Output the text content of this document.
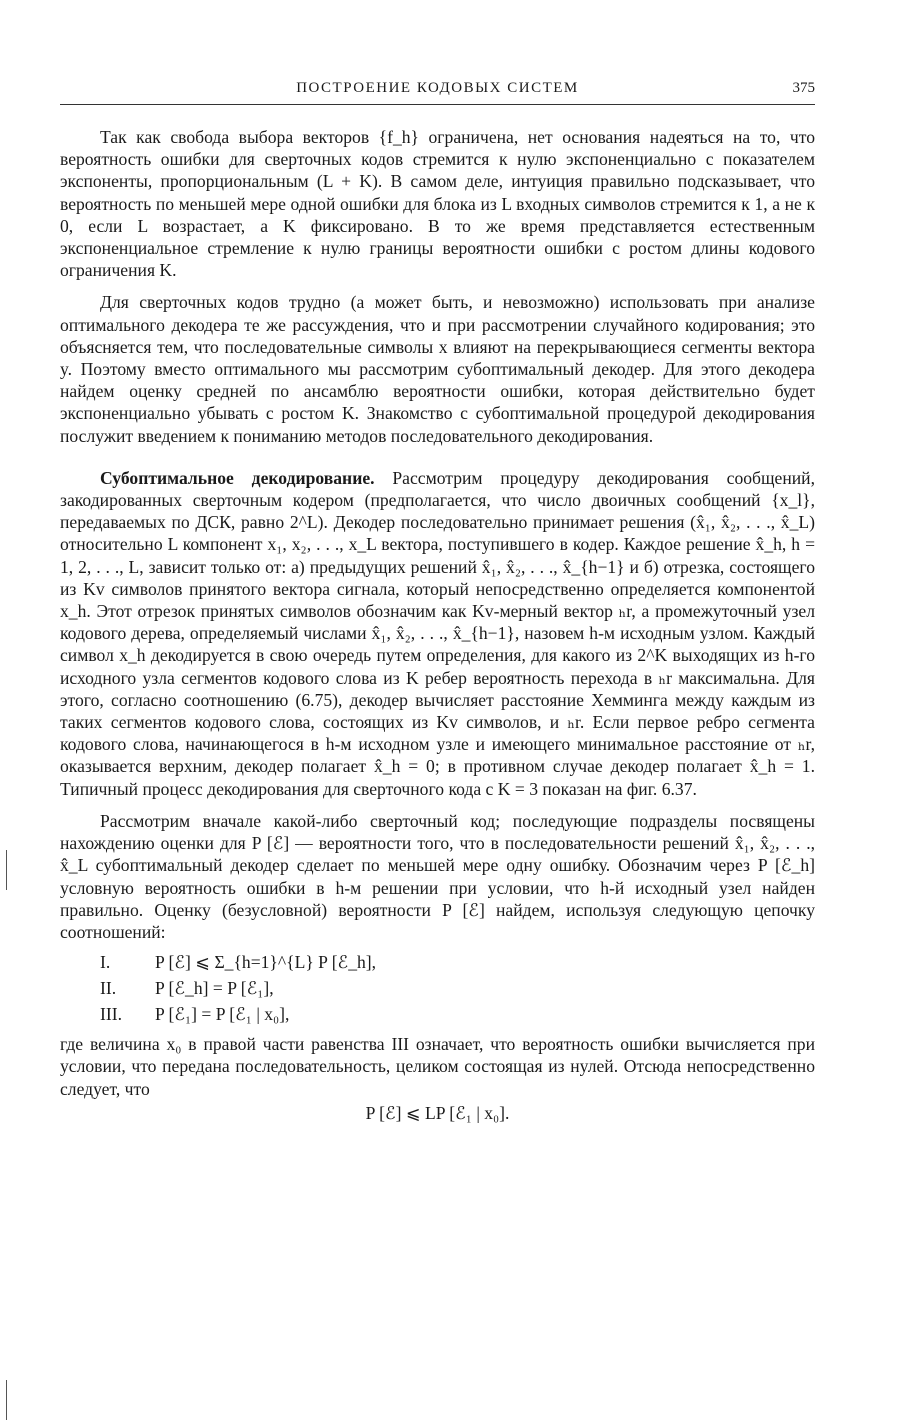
ПОСТРОЕНИЕ КОДОВЫХ СИСТЕМ	375

Так как свобода выбора векторов {f_h} ограничена, нет основания надеяться на то, что вероятность ошибки для сверточных кодов стремится к нулю экспоненциально с показателем экспоненты, пропорциональным (L + K). В самом деле, интуиция правильно подсказывает, что вероятность по меньшей мере одной ошибки для блока из L входных символов стремится к 1, а не к 0, если L возрастает, а K фиксировано. В то же время представляется естественным экспоненциальное стремление к нулю границы вероятности ошибки с ростом длины кодового ограничения K.

Для сверточных кодов трудно (а может быть, и невозможно) использовать при анализе оптимального декодера те же рассуждения, что и при рассмотрении случайного кодирования; это объясняется тем, что последовательные символы x влияют на перекрывающиеся сегменты вектора y. Поэтому вместо оптимального мы рассмотрим субоптимальный декодер. Для этого декодера найдем оценку средней по ансамблю вероятности ошибки, которая действительно будет экспоненциально убывать с ростом K. Знакомство с субоптимальной процедурой декодирования послужит введением к пониманию методов последовательного декодирования.

Субоптимальное декодирование. Рассмотрим процедуру декодирования сообщений, закодированных сверточным кодером (предполагается, что число двоичных сообщений {x_l}, передаваемых по ДСК, равно 2^L). Декодер последовательно принимает решения (x̂₁, x̂₂, . . ., x̂_L) относительно L компонент x₁, x₂, . . ., x_L вектора, поступившего в кодер. Каждое решение x̂_h, h = 1, 2, . . ., L, зависит только от: а) предыдущих решений x̂₁, x̂₂, . . ., x̂_{h−1} и б) отрезка, состоящего из Kv символов принятого вектора сигнала, который непосредственно определяется компонентой x_h. Этот отрезок принятых символов обозначим как Kv-мерный вектор ₕr, а промежуточный узел кодового дерева, определяемый числами x̂₁, x̂₂, . . ., x̂_{h−1}, назовем h-м исходным узлом. Каждый символ x_h декодируется в свою очередь путем определения, для какого из 2^K выходящих из h-го исходного узла сегментов кодового слова из K ребер вероятность перехода в ₕr максимальна. Для этого, согласно соотношению (6.75), декодер вычисляет расстояние Хемминга между каждым из таких сегментов кодового слова, состоящих из Kv символов, и ₕr. Если первое ребро сегмента кодового слова, начинающегося в h-м исходном узле и имеющего минимальное расстояние от ₕr, оказывается верхним, декодер полагает x̂_h = 0; в противном случае декодер полагает x̂_h = 1. Типичный процесс декодирования для сверточного кода с K = 3 показан на фиг. 6.37.

Рассмотрим вначале какой-либо сверточный код; последующие подразделы посвящены нахождению оценки для P [ℰ] — вероятности того, что в последовательности решений x̂₁, x̂₂, . . ., x̂_L субоптимальный декодер сделает по меньшей мере одну ошибку. Обозначим через P [ℰ_h] условную вероятность ошибки в h-м решении при условии, что h-й исходный узел найден правильно. Оценку (безусловной) вероятности P [ℰ] найдем, используя следующую цепочку соотношений:

I.	P [ℰ] ⩽ Σ_{h=1}^{L} P [ℰ_h],
II.	P [ℰ_h] = P [ℰ₁],
III.	P [ℰ₁] = P [ℰ₁ | x₀],

где величина x₀ в правой части равенства III означает, что вероятность ошибки вычисляется при условии, что передана последовательность, целиком состоящая из нулей. Отсюда непосредственно следует, что

P [ℰ] ⩽ LP [ℰ₁ | x₀].
